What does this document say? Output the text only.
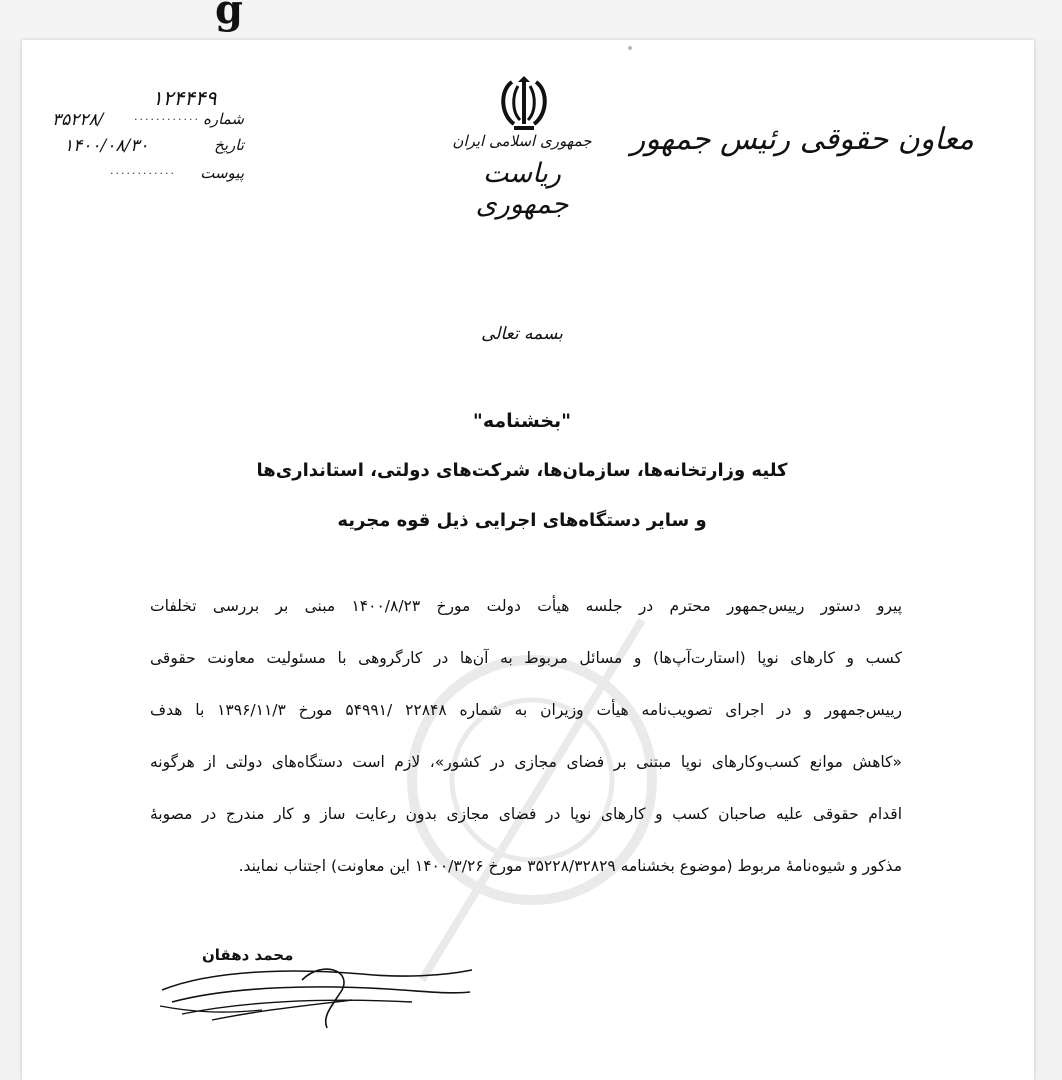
g
معاون حقوقی رئیس جمهور
جمهوری اسلامی ایران
ریاست جمهوری
۱۲۴۴۴۹
شماره
............
۳۵۲۲۸/
تاریخ
۱۴۰۰/۰۸/۳۰
پیوست
............
بسمه تعالی
"بخشنامه"
کلیه وزارتخانه‌ها، سازمان‌ها، شرکت‌های دولتی، استانداری‌ها
و سایر دستگاه‌های اجرایی ذیل قوه مجریه
پیرو دستور رییس‌جمهور محترم در جلسه هیأت دولت مورخ ۱۴۰۰/۸/۲۳ مبنی بر بررسی تخلفات
کسب و کارهای نوپا (استارت‌آپ‌ها) و مسائل مربوط به آن‌ها در کارگروهی با مسئولیت معاونت حقوقی
رییس‌جمهور و در اجرای تصویب‌نامه هیأت وزیران به شماره ۲۲۸۴۸ /۵۴۹۹۱ مورخ ۱۳۹۶/۱۱/۳ با هدف
«کاهش موانع کسب‌وکارهای نوپا مبتنی بر فضای مجازی در کشور»، لازم است دستگاه‌های دولتی از هرگونه
اقدام حقوقی علیه صاحبان کسب و کارهای نوپا در فضای مجازی بدون رعایت ساز و کار مندرج در مصوبهٔ
مذکور و شیوه‌نامهٔ مربوط (موضوع بخشنامه ۳۵۲۲۸/۳۲۸۲۹ مورخ ۱۴۰۰/۳/۲۶ این معاونت) اجتناب نمایند.
محمد دهقان
